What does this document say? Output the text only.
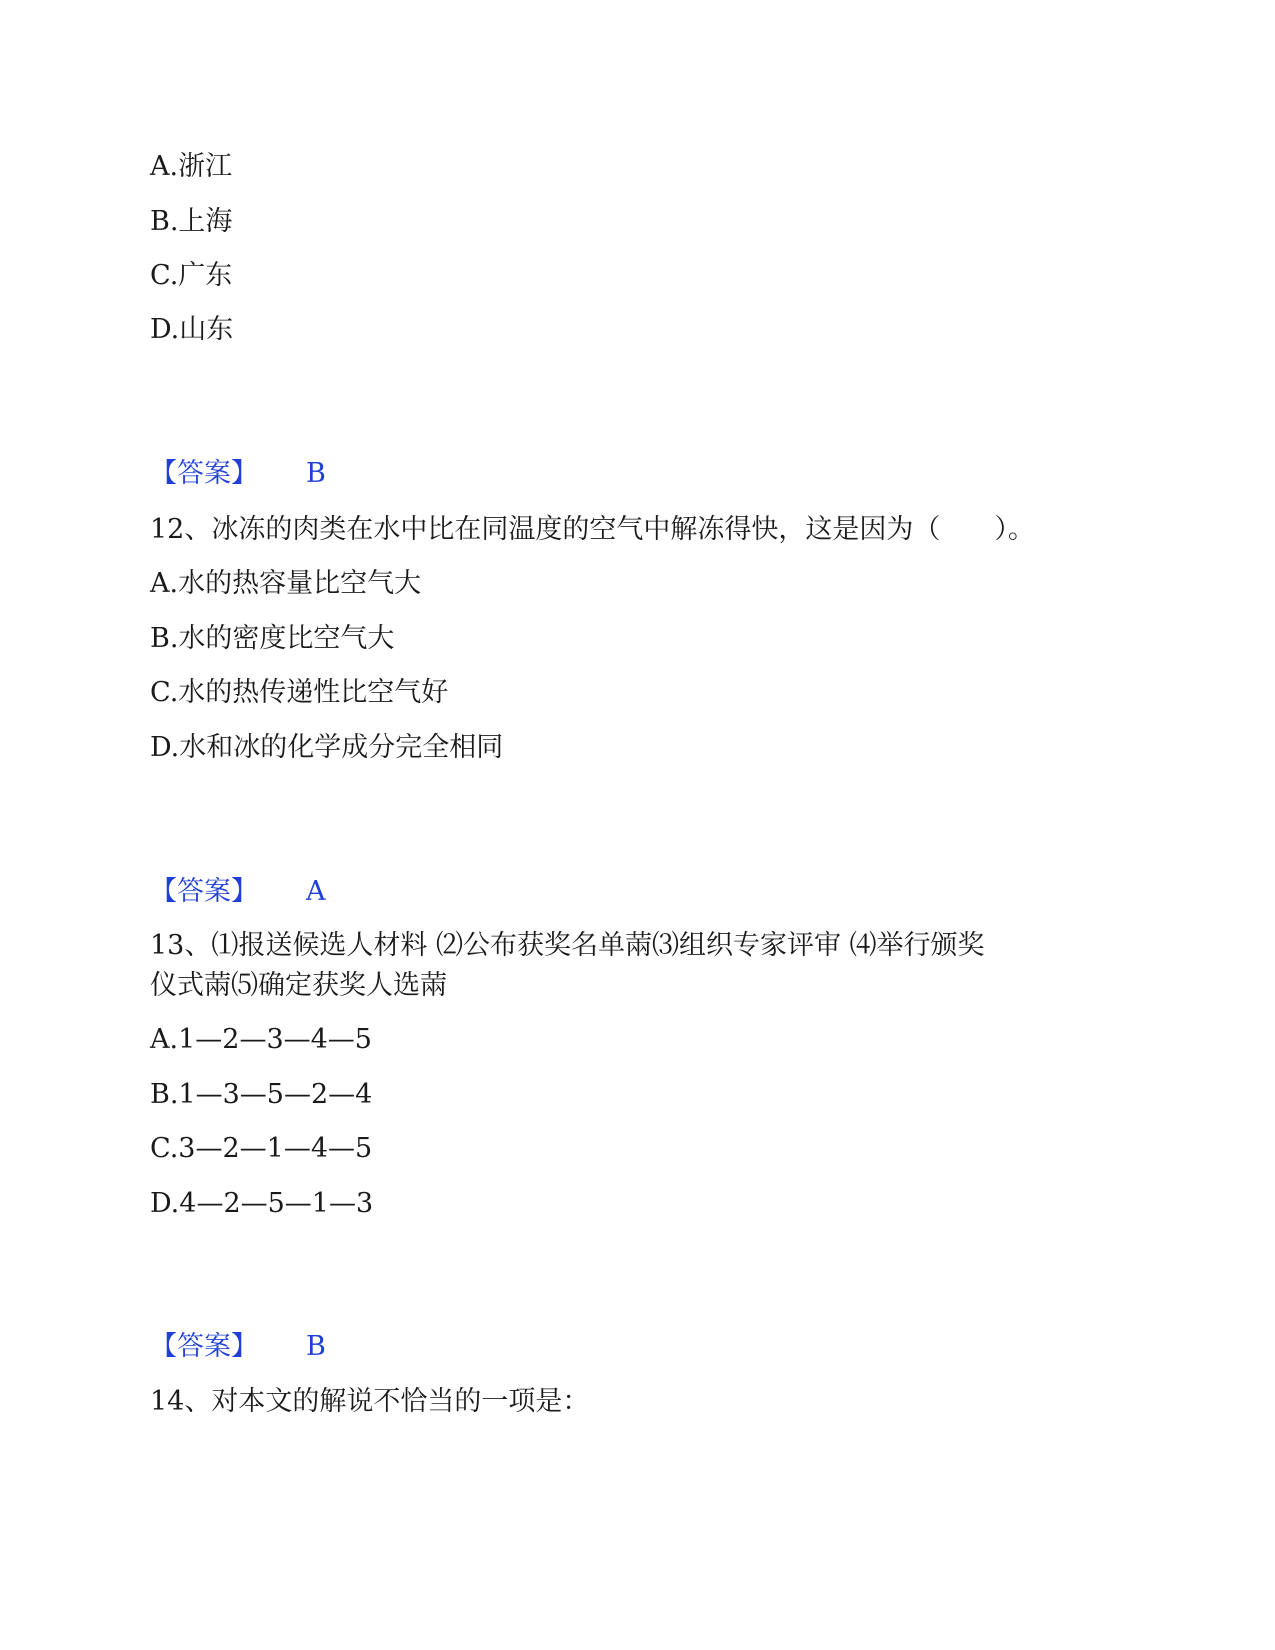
A.浙江
B.上海
C.广东
D.山东
【答案】 B
12、冰冻的肉类在水中比在同温度的空气中解冻得快，这是因为（　　）。
A.水的热容量比空气大
B.水的密度比空气大
C.水的热传递性比空气好
D.水和冰的化学成分完全相同
【答案】 A
13、⑴报送候选人材料 ⑵公布获奖名单䓣⑶组织专家评审 ⑷举行颁奖
仪式䓣⑸确定获奖人选䓣
A.1—2—3—4—5
B.1—3—5—2—4
C.3—2—1—4—5
D.4—2—5—1—3
【答案】 B
14、对本文的解说不恰当的一项是：
